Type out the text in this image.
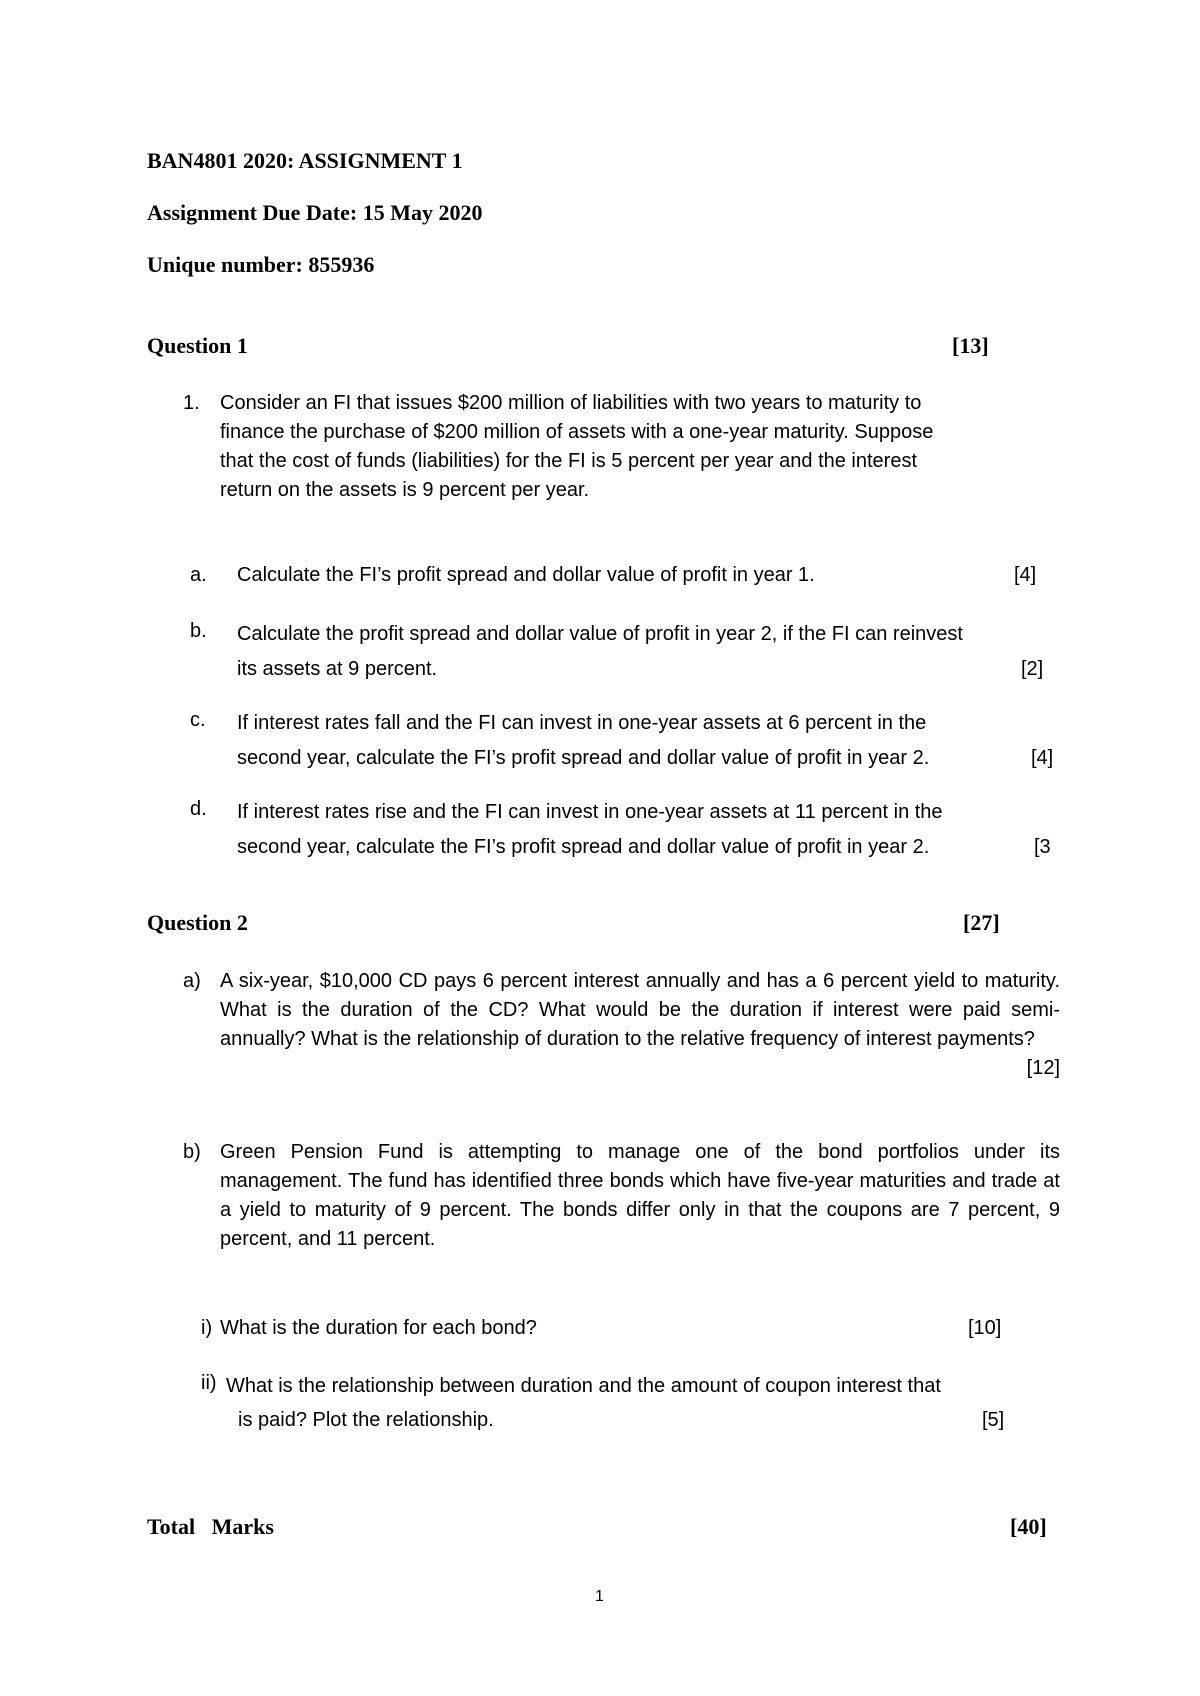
BAN4801 2020: ASSIGNMENT 1
Assignment Due Date: 15 May 2020
Unique number: 855936
Question 1	[13]
1. Consider an FI that issues $200 million of liabilities with two years to maturity to
finance the purchase of $200 million of assets with a one-year maturity. Suppose
that the cost of funds (liabilities) for the FI is 5 percent per year and the interest
return on the assets is 9 percent per year.
a. Calculate the FI’s profit spread and dollar value of profit in year 1.	[4]
b. Calculate the profit spread and dollar value of profit in year 2, if the FI can reinvest
its assets at 9 percent.	[2]
c. If interest rates fall and the FI can invest in one-year assets at 6 percent in the
second year, calculate the FI’s profit spread and dollar value of profit in year 2.	[4]
d. If interest rates rise and the FI can invest in one-year assets at 11 percent in the
second year, calculate the FI’s profit spread and dollar value of profit in year 2.	[3
Question 2	[27]
a) A six-year, $10,000 CD pays 6 percent interest annually and has a 6 percent yield to maturity. What is the duration of the CD? What would be the duration if interest were paid semi-annually? What is the relationship of duration to the relative frequency of interest payments?
[12]
b) Green Pension Fund is attempting to manage one of the bond portfolios under its management. The fund has identified three bonds which have five-year maturities and trade at a yield to maturity of 9 percent. The bonds differ only in that the coupons are 7 percent, 9 percent, and 11 percent.
i) What is the duration for each bond?	[10]
ii) What is the relationship between duration and the amount of coupon interest that
is paid? Plot the relationship.	[5]
Total   Marks	[40]
1
